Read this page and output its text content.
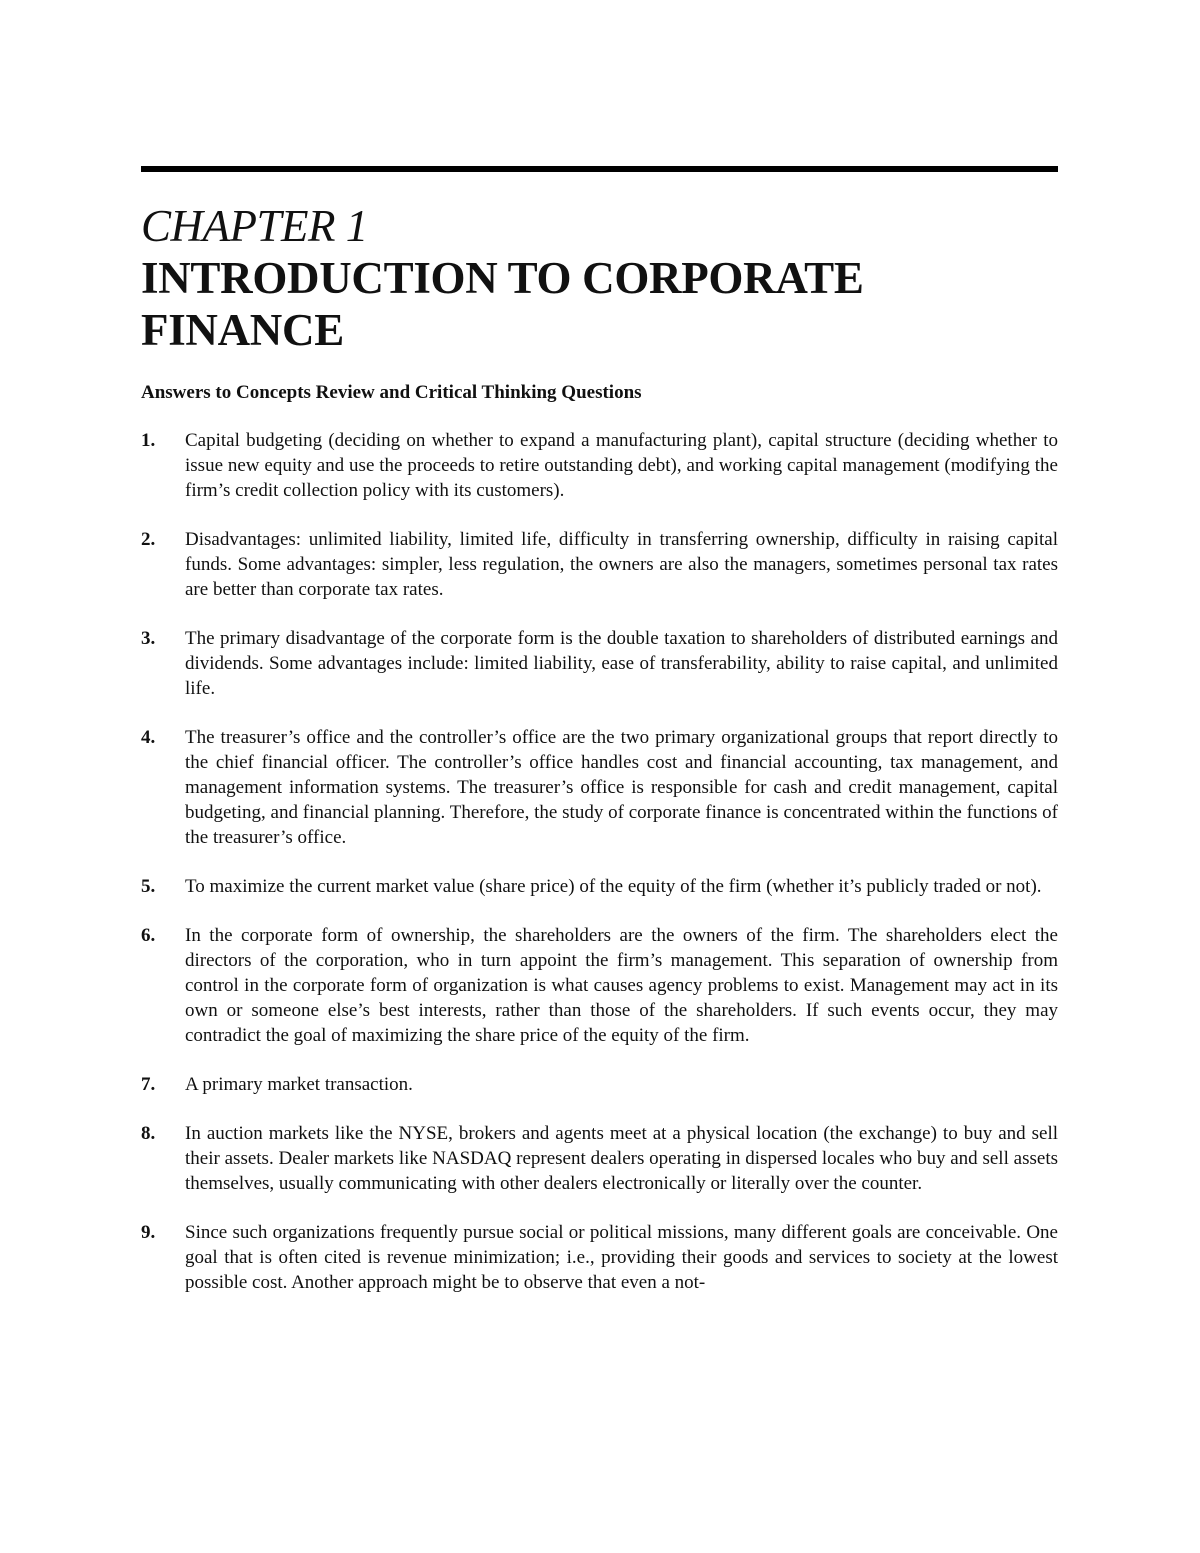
CHAPTER 1
INTRODUCTION TO CORPORATE FINANCE
Answers to Concepts Review and Critical Thinking Questions
1.	Capital budgeting (deciding on whether to expand a manufacturing plant), capital structure (deciding whether to issue new equity and use the proceeds to retire outstanding debt), and working capital management (modifying the firm’s credit collection policy with its customers).
2.	Disadvantages: unlimited liability, limited life, difficulty in transferring ownership, difficulty in raising capital funds. Some advantages: simpler, less regulation, the owners are also the managers, sometimes personal tax rates are better than corporate tax rates.
3.	The primary disadvantage of the corporate form is the double taxation to shareholders of distributed earnings and dividends. Some advantages include: limited liability, ease of transferability, ability to raise capital, and unlimited life.
4.	The treasurer’s office and the controller’s office are the two primary organizational groups that report directly to the chief financial officer. The controller’s office handles cost and financial accounting, tax management, and management information systems. The treasurer’s office is responsible for cash and credit management, capital budgeting, and financial planning. Therefore, the study of corporate finance is concentrated within the functions of the treasurer’s office.
5.	To maximize the current market value (share price) of the equity of the firm (whether it’s publicly traded or not).
6.	In the corporate form of ownership, the shareholders are the owners of the firm. The shareholders elect the directors of the corporation, who in turn appoint the firm’s management. This separation of ownership from control in the corporate form of organization is what causes agency problems to exist. Management may act in its own or someone else’s best interests, rather than those of the shareholders. If such events occur, they may contradict the goal of maximizing the share price of the equity of the firm.
7.	A primary market transaction.
8.	In auction markets like the NYSE, brokers and agents meet at a physical location (the exchange) to buy and sell their assets. Dealer markets like NASDAQ represent dealers operating in dispersed locales who buy and sell assets themselves, usually communicating with other dealers electronically or literally over the counter.
9.	Since such organizations frequently pursue social or political missions, many different goals are conceivable. One goal that is often cited is revenue minimization; i.e., providing their goods and services to society at the lowest possible cost. Another approach might be to observe that even a not-
